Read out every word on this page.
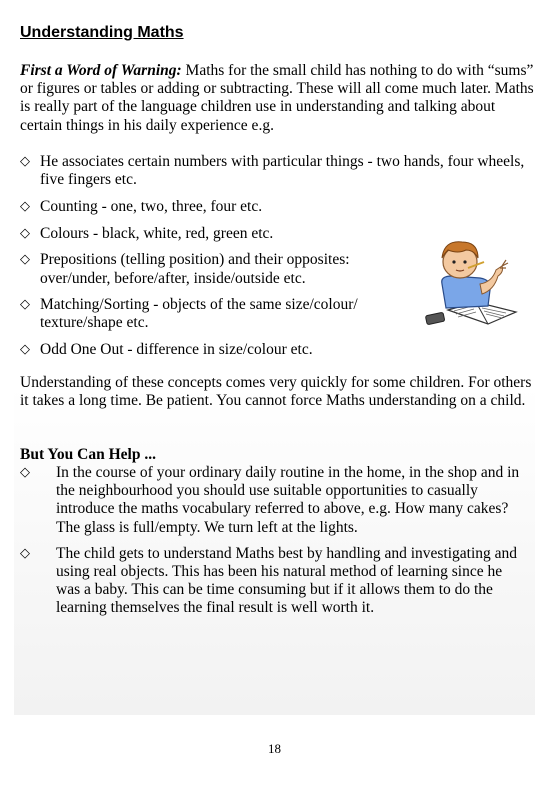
Understanding Maths

First a Word of Warning: Maths for the small child has nothing to do with “sums” or figures or tables or adding or subtracting. These will all come much later. Maths is really part of the language children use in understanding and talking about certain things in his daily experience e.g.

◇ He associates certain numbers with particular things - two hands, four wheels, five fingers etc.
◇ Counting - one, two, three, four etc.
◇ Colours - black, white, red, green etc.
◇ Prepositions (telling position) and their opposites: over/under, before/after, inside/outside etc.
◇ Matching/Sorting - objects of the same size/colour/ texture/shape etc.
◇ Odd One Out - difference in size/colour etc.

Understanding of these concepts comes very quickly for some children. For others it takes a long time. Be patient. You cannot force Maths understanding on a child.

But You Can Help ...

◇ In the course of your ordinary daily routine in the home, in the shop and in the neighbourhood you should use suitable opportunities to casually introduce the maths vocabulary referred to above, e.g. How many cakes? The glass is full/empty. We turn left at the lights.
◇ The child gets to understand Maths best by handling and investigating and using real objects. This has been his natural method of learning since he was a baby. This can be time consuming but if it allows them to do the learning themselves the final result is well worth it.
18
